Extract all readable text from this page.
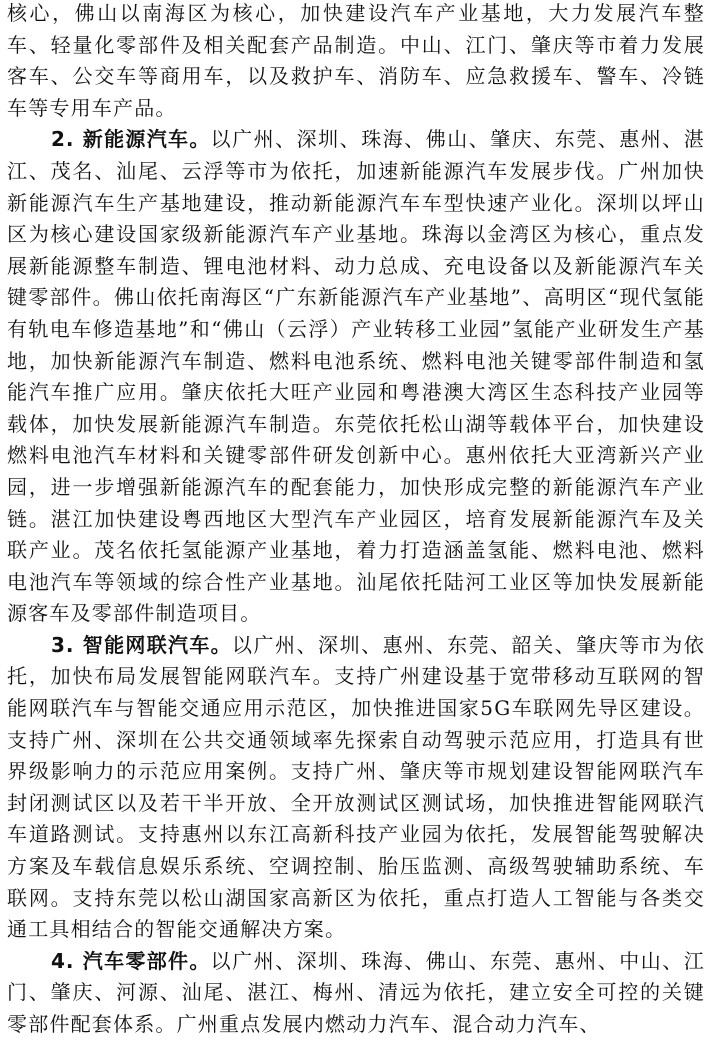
核心，佛山以南海区为核心，加快建设汽车产业基地，大力发展汽车整车、轻量化零部件及相关配套产品制造。中山、江门、肇庆等市着力发展客车、公交车等商用车，以及救护车、消防车、应急救援车、警车、冷链车等专用车产品。

2. 新能源汽车。以广州、深圳、珠海、佛山、肇庆、东莞、惠州、湛江、茂名、汕尾、云浮等市为依托，加速新能源汽车发展步伐。广州加快新能源汽车生产基地建设，推动新能源汽车车型快速产业化。深圳以坪山区为核心建设国家级新能源汽车产业基地。珠海以金湾区为核心，重点发展新能源整车制造、锂电池材料、动力总成、充电设备以及新能源汽车关键零部件。佛山依托南海区“广东新能源汽车产业基地”、高明区“现代氢能有轨电车修造基地”和“佛山（云浮）产业转移工业园”氢能产业研发生产基地，加快新能源汽车制造、燃料电池系统、燃料电池关键零部件制造和氢能汽车推广应用。肇庆依托大旺产业园和粤港澳大湾区生态科技产业园等载体，加快发展新能源汽车制造。东莞依托松山湖等载体平台，加快建设燃料电池汽车材料和关键零部件研发创新中心。惠州依托大亚湾新兴产业园，进一步增强新能源汽车的配套能力，加快形成完整的新能源汽车产业链。湛江加快建设粤西地区大型汽车产业园区，培育发展新能源汽车及关联产业。茂名依托氢能源产业基地，着力打造涵盖氢能、燃料电池、燃料电池汽车等领域的综合性产业基地。汕尾依托陆河工业区等加快发展新能源客车及零部件制造项目。

3. 智能网联汽车。以广州、深圳、惠州、东莞、韶关、肇庆等市为依托，加快布局发展智能网联汽车。支持广州建设基于宽带移动互联网的智能网联汽车与智能交通应用示范区，加快推进国家5G车联网先导区建设。支持广州、深圳在公共交通领域率先探索自动驾驶示范应用，打造具有世界级影响力的示范应用案例。支持广州、肇庆等市规划建设智能网联汽车封闭测试区以及若干半开放、全开放测试区测试场，加快推进智能网联汽车道路测试。支持惠州以东江高新科技产业园为依托，发展智能驾驶解决方案及车载信息娱乐系统、空调控制、胎压监测、高级驾驶辅助系统、车联网。支持东莞以松山湖国家高新区为依托，重点打造人工智能与各类交通工具相结合的智能交通解决方案。

4. 汽车零部件。以广州、深圳、珠海、佛山、东莞、惠州、中山、江门、肇庆、河源、汕尾、湛江、梅州、清远为依托，建立安全可控的关键零部件配套体系。广州重点发展内燃动力汽车、混合动力汽车、
